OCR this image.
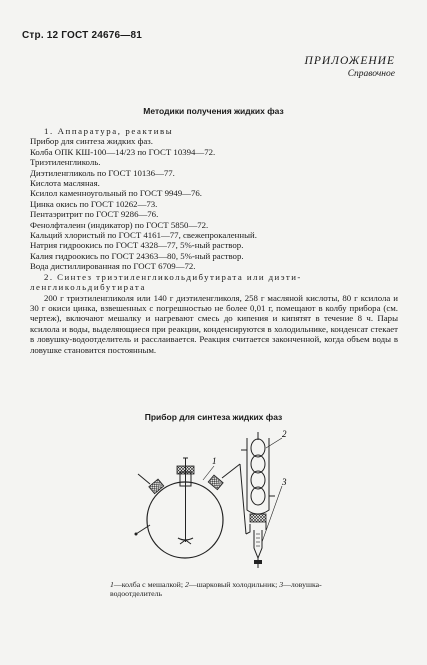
Стр. 12 ГОСТ 24676—81
ПРИЛОЖЕНИЕ
Справочное
Методики получения жидких фаз
1. Аппаратура, реактивы
Прибор для синтеза жидких фаз.
Колба ОПК КШ-100—14/23 по ГОСТ 10394—72.
Триэтиленгликоль.
Диэтиленгликоль по ГОСТ 10136—77.
Кислота масляная.
Ксилол каменноугольный по ГОСТ 9949—76.
Цинка окись по ГОСТ 10262—73.
Пентаэритрит по ГОСТ 9286—76.
Фенолфталеин (индикатор) по ГОСТ 5850—72.
Кальций хлористый по ГОСТ 4161—77, свежепрокаленный.
Натрия гидроокись по ГОСТ 4328—77, 5%-ный раствор.
Калия гидроокись по ГОСТ 24363—80, 5%-ный раствор.
Вода дистиллированная по ГОСТ 6709—72.
2. Синтез триэтиленгликольдибутирата или диэти-
ленгликольдибутирата
200 г триэтиленгликоля или 140 г диэтиленгликоля, 258 г масляной кислоты, 80 г ксилола и 30 г окиси цинка, взвешенных с погрешностью не более 0,01 г, помещают в колбу прибора (см. чертеж), включают мешалку и нагревают смесь до кипения и кипятят в течение 8 ч. Пары ксилола и воды, выделяющиеся при реакции, конденсируются в холодильнике, конденсат стекает в ловушку-водоотделитель и расслаивается. Реакция считается законченной, когда объем воды в ловушке становится постоянным.
Прибор для синтеза жидких фаз
1
2
3
1—колба с мешалкой; 2—шарковый холодильник; 3—ловушка-водоотделитель
